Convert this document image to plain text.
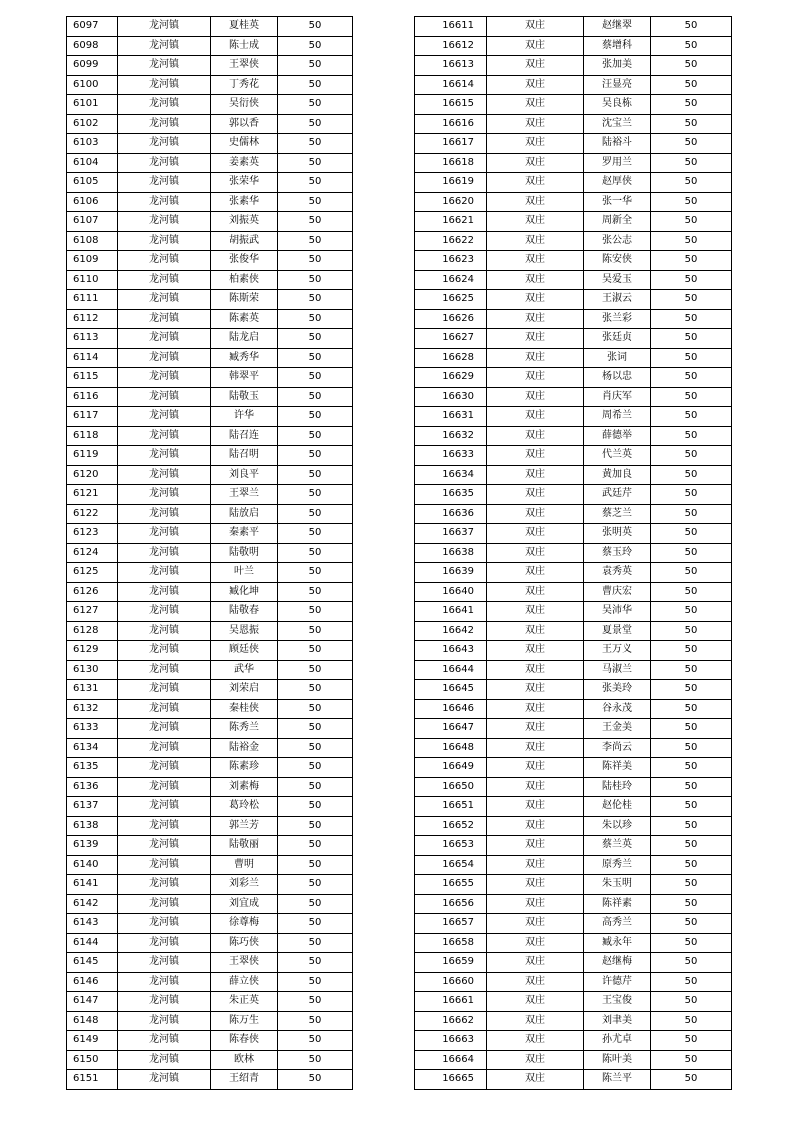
6097	龙河镇	夏桂英	50
6098	龙河镇	陈士成	50
6099	龙河镇	王翠侠	50
6100	龙河镇	丁秀花	50
6101	龙河镇	吴衍侠	50
6102	龙河镇	郭以香	50
6103	龙河镇	史儒林	50
6104	龙河镇	姜素英	50
6105	龙河镇	张荣华	50
6106	龙河镇	张素华	50
6107	龙河镇	刘振英	50
6108	龙河镇	胡振武	50
6109	龙河镇	张俊华	50
6110	龙河镇	柏素侠	50
6111	龙河镇	陈斯荣	50
6112	龙河镇	陈素英	50
6113	龙河镇	陆龙启	50
6114	龙河镇	臧秀华	50
6115	龙河镇	韩翠平	50
6116	龙河镇	陆敬玉	50
6117	龙河镇	许华	50
6118	龙河镇	陆召连	50
6119	龙河镇	陆召明	50
6120	龙河镇	刘良平	50
6121	龙河镇	王翠兰	50
6122	龙河镇	陆放启	50
6123	龙河镇	秦素平	50
6124	龙河镇	陆敬明	50
6125	龙河镇	叶兰	50
6126	龙河镇	臧化坤	50
6127	龙河镇	陆敬春	50
6128	龙河镇	吴恩振	50
6129	龙河镇	顾廷侠	50
6130	龙河镇	武华	50
6131	龙河镇	刘荣启	50
6132	龙河镇	秦桂侠	50
6133	龙河镇	陈秀兰	50
6134	龙河镇	陆裕金	50
6135	龙河镇	陈素珍	50
6136	龙河镇	刘素梅	50
6137	龙河镇	葛玲松	50
6138	龙河镇	郭兰芳	50
6139	龙河镇	陆敬丽	50
6140	龙河镇	曹明	50
6141	龙河镇	刘彩兰	50
6142	龙河镇	刘宜成	50
6143	龙河镇	徐尊梅	50
6144	龙河镇	陈巧侠	50
6145	龙河镇	王翠侠	50
6146	龙河镇	薛立侠	50
6147	龙河镇	朱正英	50
6148	龙河镇	陈万生	50
6149	龙河镇	陈春侠	50
6150	龙河镇	欧林	50
6151	龙河镇	王绍青	50
16611	双庄	赵继翠	50
16612	双庄	蔡增科	50
16613	双庄	张加美	50
16614	双庄	汪显亮	50
16615	双庄	吴良栋	50
16616	双庄	沈宝兰	50
16617	双庄	陆裕斗	50
16618	双庄	罗用兰	50
16619	双庄	赵厚侠	50
16620	双庄	张一华	50
16621	双庄	周新全	50
16622	双庄	张公志	50
16623	双庄	陈安侠	50
16624	双庄	吴爱玉	50
16625	双庄	王淑云	50
16626	双庄	张兰彩	50
16627	双庄	张廷贞	50
16628	双庄	张词	50
16629	双庄	杨以忠	50
16630	双庄	肖庆军	50
16631	双庄	周希兰	50
16632	双庄	薛德举	50
16633	双庄	代兰英	50
16634	双庄	黄加良	50
16635	双庄	武廷芹	50
16636	双庄	蔡芝兰	50
16637	双庄	张明英	50
16638	双庄	蔡玉玲	50
16639	双庄	袁秀英	50
16640	双庄	曹庆宏	50
16641	双庄	吴沛华	50
16642	双庄	夏景堂	50
16643	双庄	王万义	50
16644	双庄	马淑兰	50
16645	双庄	张美玲	50
16646	双庄	谷永茂	50
16647	双庄	王金美	50
16648	双庄	李尚云	50
16649	双庄	陈祥美	50
16650	双庄	陆桂玲	50
16651	双庄	赵伦桂	50
16652	双庄	朱以珍	50
16653	双庄	蔡兰英	50
16654	双庄	原秀兰	50
16655	双庄	朱玉明	50
16656	双庄	陈祥素	50
16657	双庄	高秀兰	50
16658	双庄	臧永年	50
16659	双庄	赵继梅	50
16660	双庄	许德芹	50
16661	双庄	王宝俊	50
16662	双庄	刘聿美	50
16663	双庄	孙尤卓	50
16664	双庄	陈叶美	50
16665	双庄	陈兰平	50
